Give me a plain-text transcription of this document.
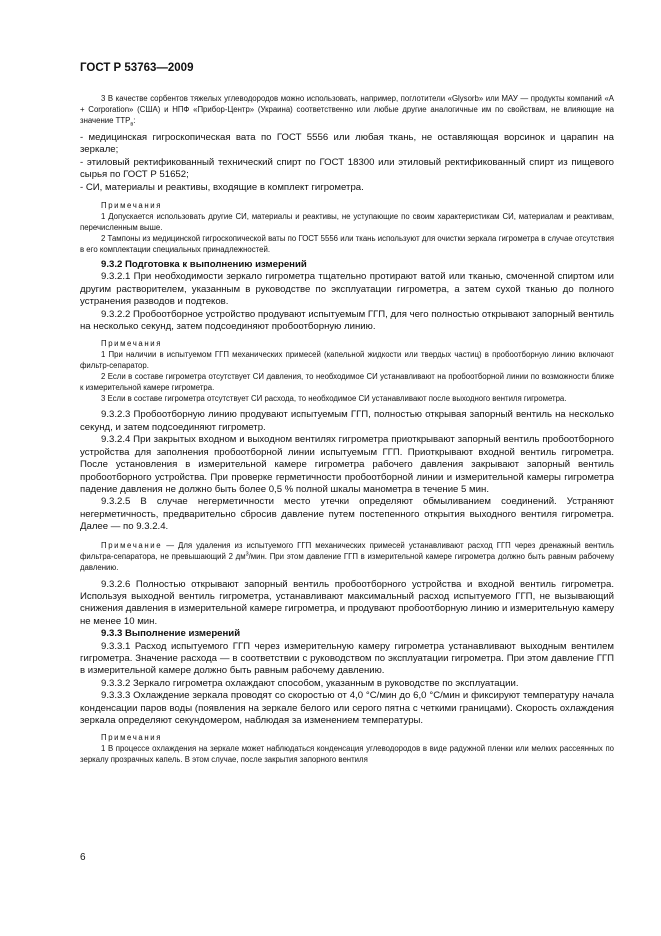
ГОСТ Р 53763—2009

3 В качестве сорбентов тяжелых углеводородов можно использовать, например, поглотители «Glysorb» или МАУ — продукты компаний «А + Corporation» (США) и НПФ «Прибор-Центр» (Украина) соответственно или любые другие аналогичные им по свойствам, не влияющие на значение $ТТР_в$:

- медицинская гигроскопическая вата по ГОСТ 5556 или любая ткань, не оставляющая ворсинок и царапин на зеркале;

- этиловый ректификованный технический спирт по ГОСТ 18300 или этиловый ректификованный спирт из пищевого сырья по ГОСТ Р 51652;

- СИ, материалы и реактивы, входящие в комплект гигрометра.

Примечания

1 Допускается использовать другие СИ, материалы и реактивы, не уступающие по своим характеристикам СИ, материалам и реактивам, перечисленным выше.

2 Тампоны из медицинской гигроскопической ваты по ГОСТ 5556 или ткань используют для очистки зеркала гигрометра в случае отсутствия в его комплектации специальных принадлежностей.

9.3.2 Подготовка к выполнению измерений

9.3.2.1 При необходимости зеркало гигрометра тщательно протирают ватой или тканью, смоченной спиртом или другим растворителем, указанным в руководстве по эксплуатации гигрометра, а затем сухой тканью до полного устранения разводов и подтеков.

9.3.2.2 Пробоотборное устройство продувают испытуемым ГГП, для чего полностью открывают запорный вентиль на несколько секунд, затем подсоединяют пробоотборную линию.

Примечания

1 При наличии в испытуемом ГГП механических примесей (капельной жидкости или твердых частиц) в пробоотборную линию включают фильтр-сепаратор.

2 Если в составе гигрометра отсутствует СИ давления, то необходимое СИ устанавливают на пробоотборной линии по возможности ближе к измерительной камере гигрометра.

3 Если в составе гигрометра отсутствует СИ расхода, то необходимое СИ устанавливают после выходного вентиля гигрометра.

9.3.2.3 Пробоотборную линию продувают испытуемым ГГП, полностью открывая запорный вентиль на несколько секунд, и затем подсоединяют гигрометр.

9.3.2.4 При закрытых входном и выходном вентилях гигрометра приоткрывают запорный вентиль пробоотборного устройства для заполнения пробоотборной линии испытуемым ГГП. Приоткрывают входной вентиль гигрометра. После установления в измерительной камере гигрометра рабочего давления закрывают запорный вентиль пробоотборного устройства. При проверке герметичности пробоотборной линии и измерительной камеры гигрометра падение давления не должно быть более 0,5 % полной шкалы манометра в течение 5 мин.

9.3.2.5 В случае негерметичности место утечки определяют обмыливанием соединений. Устраняют негерметичность, предварительно сбросив давление путем постепенного открытия выходного вентиля гигрометра. Далее — по 9.3.2.4.

Примечание — Для удаления из испытуемого ГГП механических примесей устанавливают расход ГГП через дренажный вентиль фильтра-сепаратора, не превышающий 2 $дм^3$/мин. При этом давление ГГП в измерительной камере гигрометра должно быть равным рабочему давлению.

9.3.2.6 Полностью открывают запорный вентиль пробоотборного устройства и входной вентиль гигрометра. Используя выходной вентиль гигрометра, устанавливают максимальный расход испытуемого ГГП, не вызывающий снижения давления в измерительной камере гигрометра, и продувают пробоотборную линию и измерительную камеру не менее 10 мин.

9.3.3 Выполнение измерений

9.3.3.1 Расход испытуемого ГГП через измерительную камеру гигрометра устанавливают выходным вентилем гигрометра. Значение расхода — в соответствии с руководством по эксплуатации гигрометра. При этом давление ГГП в измерительной камере должно быть равным рабочему давлению.

9.3.3.2 Зеркало гигрометра охлаждают способом, указанным в руководстве по эксплуатации.

9.3.3.3 Охлаждение зеркала проводят со скоростью от 4,0 °С/мин до 6,0 °С/мин и фиксируют температуру начала конденсации паров воды (появления на зеркале белого или серого пятна с четкими границами). Скорость охлаждения зеркала определяют секундомером, наблюдая за изменением температуры.

Примечания

1 В процессе охлаждения на зеркале может наблюдаться конденсация углеводородов в виде радужной пленки или мелких рассеянных по зеркалу прозрачных капель. В этом случае, после закрытия запорного вентиля

6
